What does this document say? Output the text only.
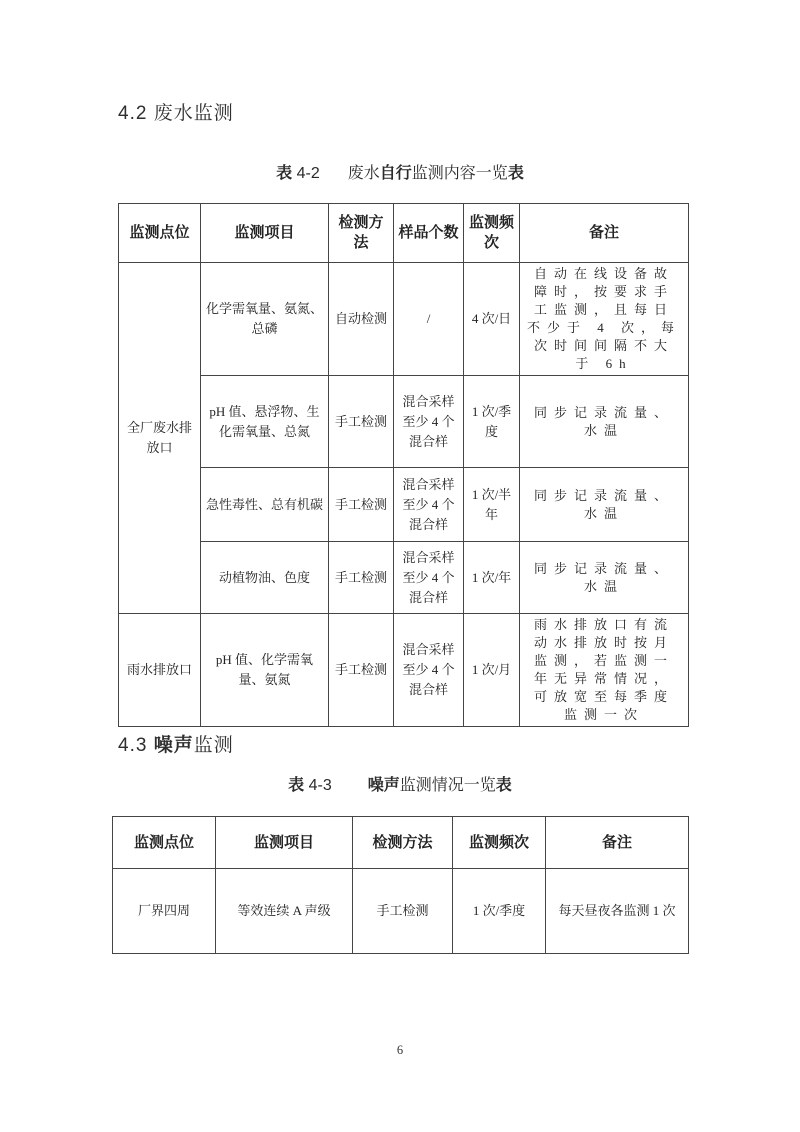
4.2 废水监测
表 4-2 废水自行监测内容一览表
监测点位	监测项目	检测方法	样品个数	监测频次	备注
全厂废水排放口	化学需氧量、氨氮、总磷	自动检测	/	4 次/日	自动在线设备故障时，按要求手工监测，且每日不少于 4 次，每次时间间隔不大于 6h
	pH 值、悬浮物、生化需氧量、总氮	手工检测	混合采样至少 4 个混合样	1 次/季度	同步记录流量、水温
	急性毒性、总有机碳	手工检测	混合采样至少 4 个混合样	1 次/半年	同步记录流量、水温
	动植物油、色度	手工检测	混合采样至少 4 个混合样	1 次/年	同步记录流量、水温
雨水排放口	pH 值、化学需氧量、氨氮	手工检测	混合采样至少 4 个混合样	1 次/月	雨水排放口有流动水排放时按月监测，若监测一年无异常情况，可放宽至每季度监测一次
4.3 噪声监测
表 4-3 噪声监测情况一览表
监测点位	监测项目	检测方法	监测频次	备注
厂界四周	等效连续 A 声级	手工检测	1 次/季度	每天昼夜各监测 1 次
6
